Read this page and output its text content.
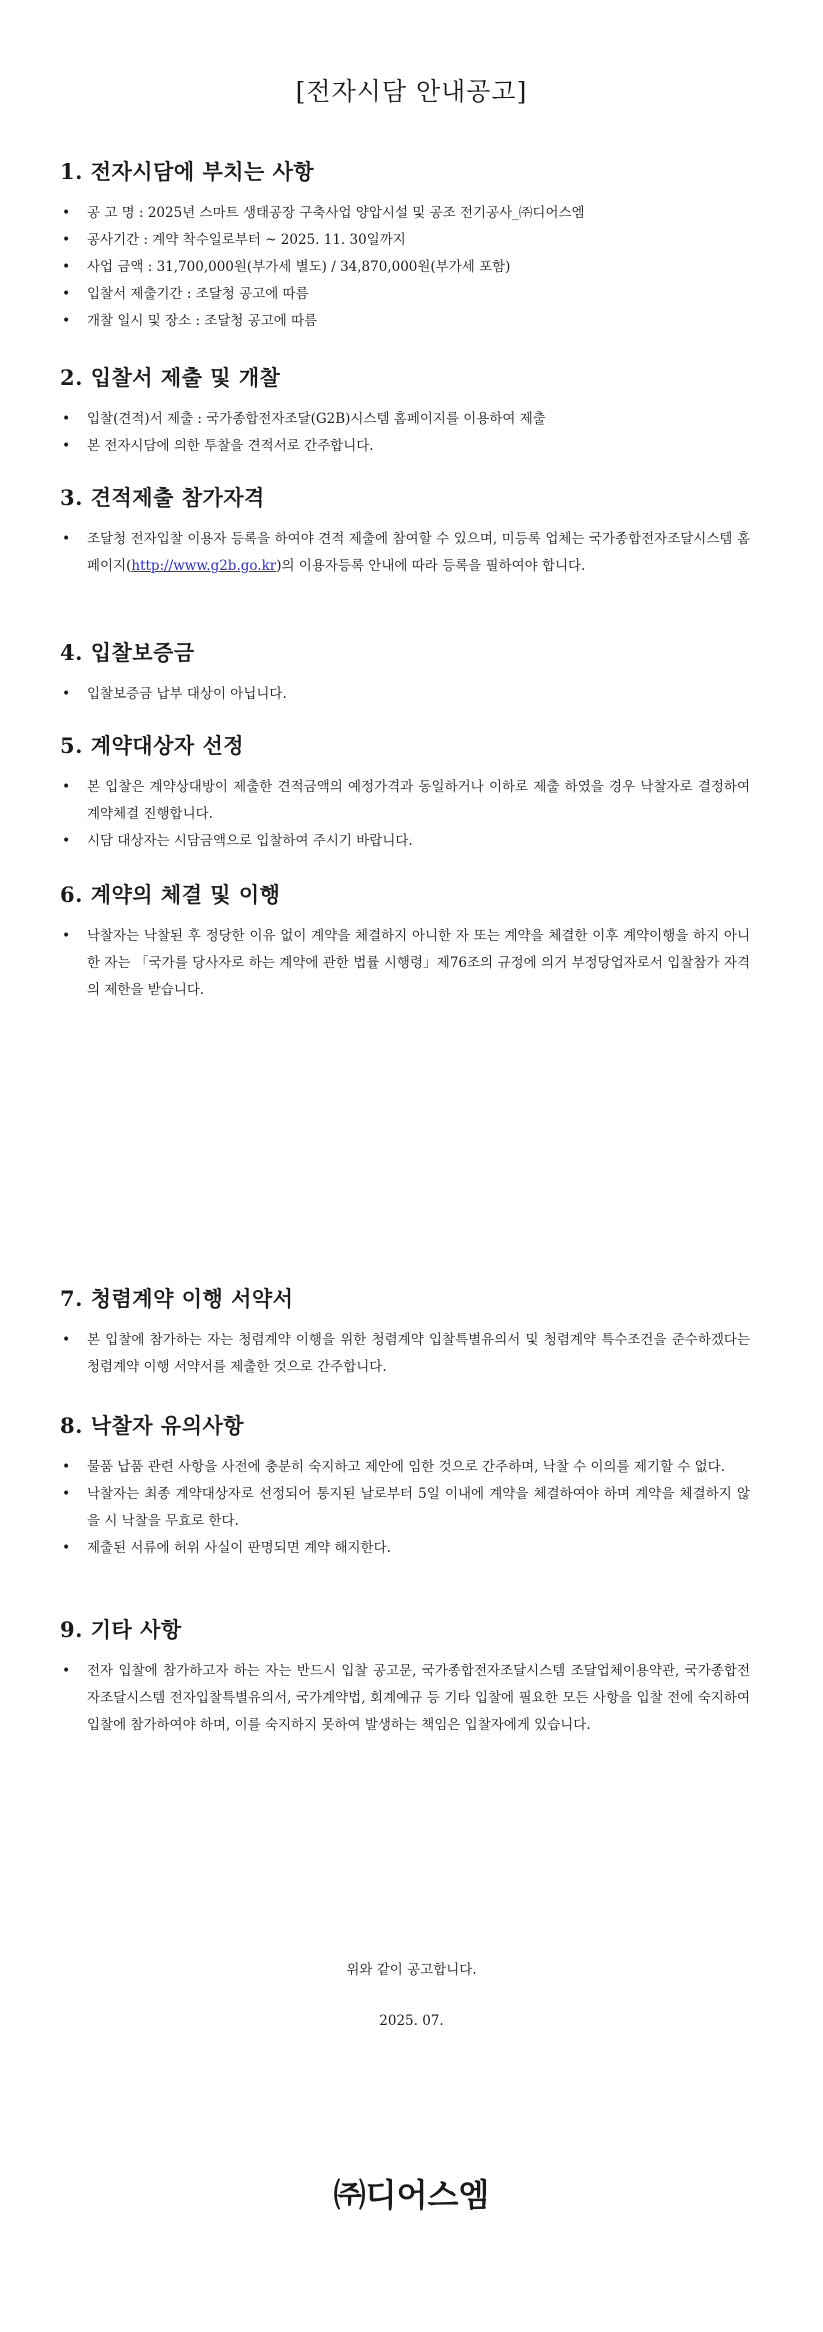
[전자시담 안내공고]
1. 전자시담에 부치는 사항
• 공 고 명 : 2025년 스마트 생태공장 구축사업 양압시설 및 공조 전기공사_㈜디어스엠
• 공사기간 : 계약 착수일로부터 ~ 2025. 11. 30일까지
• 사업 금액 : 31,700,000원(부가세 별도) / 34,870,000원(부가세 포함)
• 입찰서 제출기간 : 조달청 공고에 따름
• 개찰 일시 및 장소 : 조달청 공고에 따름
2. 입찰서 제출 및 개찰
• 입찰(견적)서 제출 : 국가종합전자조달(G2B)시스템 홈페이지를 이용하여 제출
• 본 전자시담에 의한 투찰을 견적서로 간주합니다.
3. 견적제출 참가자격
• 조달청 전자입찰 이용자 등록을 하여야 견적 제출에 참여할 수 있으며, 미등록 업체는 국가종합전자조달시스템 홈페이지(http://www.g2b.go.kr)의 이용자등록 안내에 따라 등록을 필하여야 합니다.
4. 입찰보증금
• 입찰보증금 납부 대상이 아닙니다.
5. 계약대상자 선정
• 본 입찰은 계약상대방이 제출한 견적금액의 예정가격과 동일하거나 이하로 제출 하였을 경우 낙찰자로 결정하여 계약체결 진행합니다.
• 시담 대상자는 시담금액으로 입찰하여 주시기 바랍니다.
6. 계약의 체결 및 이행
• 낙찰자는 낙찰된 후 정당한 이유 없이 계약을 체결하지 아니한 자 또는 계약을 체결한 이후 계약이행을 하지 아니한 자는 「국가를 당사자로 하는 계약에 관한 법률 시행령」제76조의 규정에 의거 부정당업자로서 입찰참가 자격의 제한을 받습니다.
7. 청렴계약 이행 서약서
• 본 입찰에 참가하는 자는 청렴계약 이행을 위한 청렴계약 입찰특별유의서 및 청렴계약 특수조건을 준수하겠다는 청렴계약 이행 서약서를 제출한 것으로 간주합니다.
8. 낙찰자 유의사항
• 물품 납품 관련 사항을 사전에 충분히 숙지하고 제안에 임한 것으로 간주하며, 낙찰 수 이의를 제기할 수 없다.
• 낙찰자는 최종 계약대상자로 선정되어 통지된 날로부터 5일 이내에 계약을 체결하여야 하며 계약을 체결하지 않을 시 낙찰을 무효로 한다.
• 제출된 서류에 허위 사실이 판명되면 계약 해지한다.
9. 기타 사항
• 전자 입찰에 참가하고자 하는 자는 반드시 입찰 공고문, 국가종합전자조달시스템 조달업체이용약관, 국가종합전자조달시스템 전자입찰특별유의서, 국가계약법, 회계예규 등 기타 입찰에 필요한 모든 사항을 입찰 전에 숙지하여 입찰에 참가하여야 하며, 이를 숙지하지 못하여 발생하는 책임은 입찰자에게 있습니다.
위와 같이 공고합니다.
2025. 07.
㈜디어스엠
